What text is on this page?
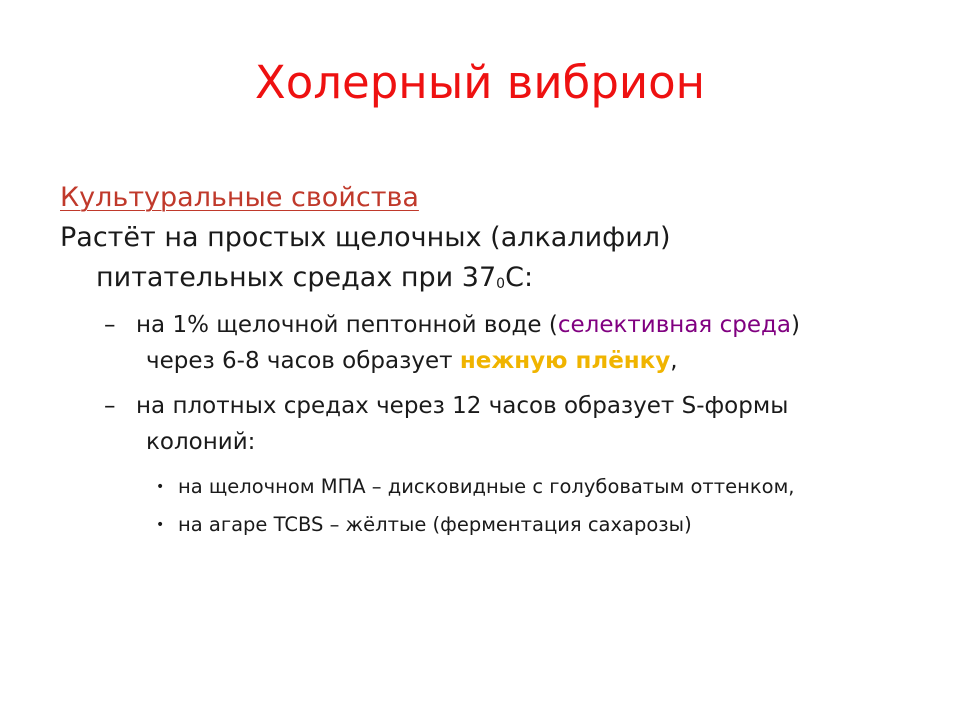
Холерный вибрион
Культуральные свойства
Растёт на простых щелочных (алкалифил)
питательных средах при $37_0С$:
– на 1% щелочной пептонной воде (селективная среда)
через 6-8 часов образует нежную плёнку,
– на плотных средах через 12 часов образует S-формы
колоний:
• на щелочном МПА – дисковидные с голубоватым оттенком,
• на агаре TCBS – жёлтые (ферментация сахарозы)
